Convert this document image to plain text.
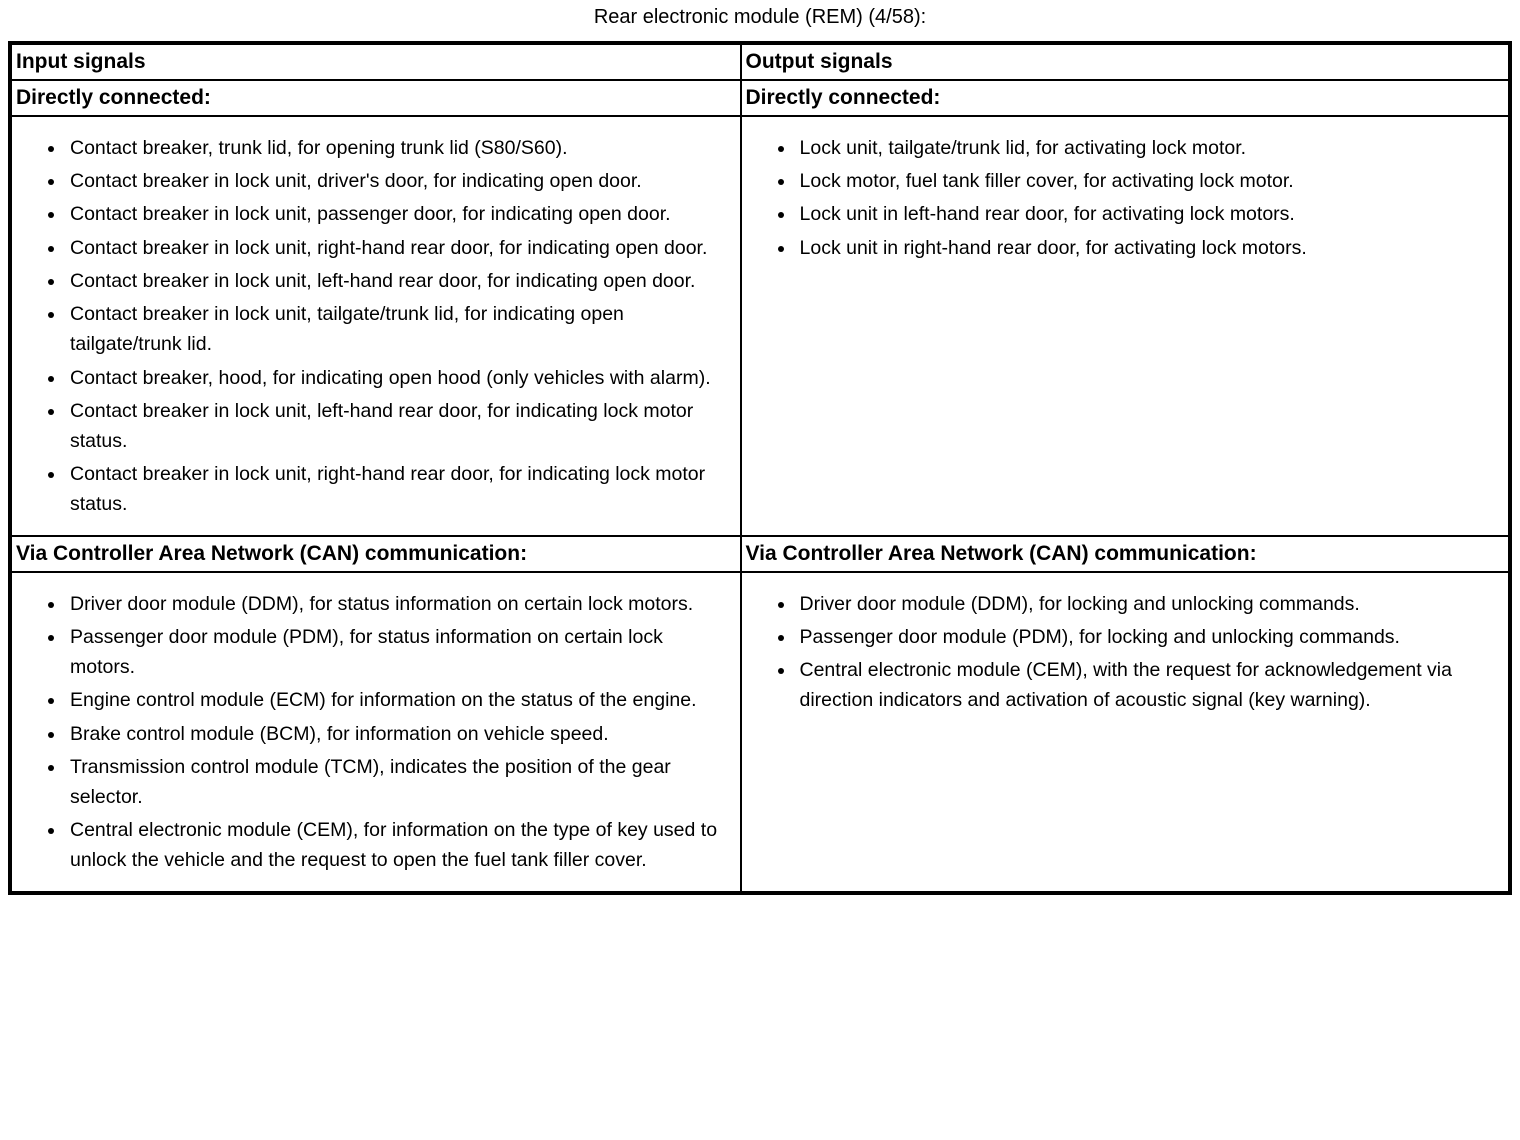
Rear electronic module (REM) (4/58):
Input signals	Output signals
Directly connected:	Directly connected:

• Contact breaker, trunk lid, for opening trunk lid (S80/S60).
• Contact breaker in lock unit, driver's door, for indicating open door.
• Contact breaker in lock unit, passenger door, for indicating open door.
• Contact breaker in lock unit, right-hand rear door, for indicating open door.
• Contact breaker in lock unit, left-hand rear door, for indicating open door.
• Contact breaker in lock unit, tailgate/trunk lid, for indicating open tailgate/trunk lid.
• Contact breaker, hood, for indicating open hood (only vehicles with alarm).
• Contact breaker in lock unit, left-hand rear door, for indicating lock motor status.
• Contact breaker in lock unit, right-hand rear door, for indicating lock motor status.

• Lock unit, tailgate/trunk lid, for activating lock motor.
• Lock motor, fuel tank filler cover, for activating lock motor.
• Lock unit in left-hand rear door, for activating lock motors.
• Lock unit in right-hand rear door, for activating lock motors.

Via Controller Area Network (CAN) communication:	Via Controller Area Network (CAN) communication:

• Driver door module (DDM), for status information on certain lock motors.
• Passenger door module (PDM), for status information on certain lock motors.
• Engine control module (ECM) for information on the status of the engine.
• Brake control module (BCM), for information on vehicle speed.
• Transmission control module (TCM), indicates the position of the gear selector.
• Central electronic module (CEM), for information on the type of key used to unlock the vehicle and the request to open the fuel tank filler cover.

• Driver door module (DDM), for locking and unlocking commands.
• Passenger door module (PDM), for locking and unlocking commands.
• Central electronic module (CEM), with the request for acknowledgement via direction indicators and activation of acoustic signal (key warning).
